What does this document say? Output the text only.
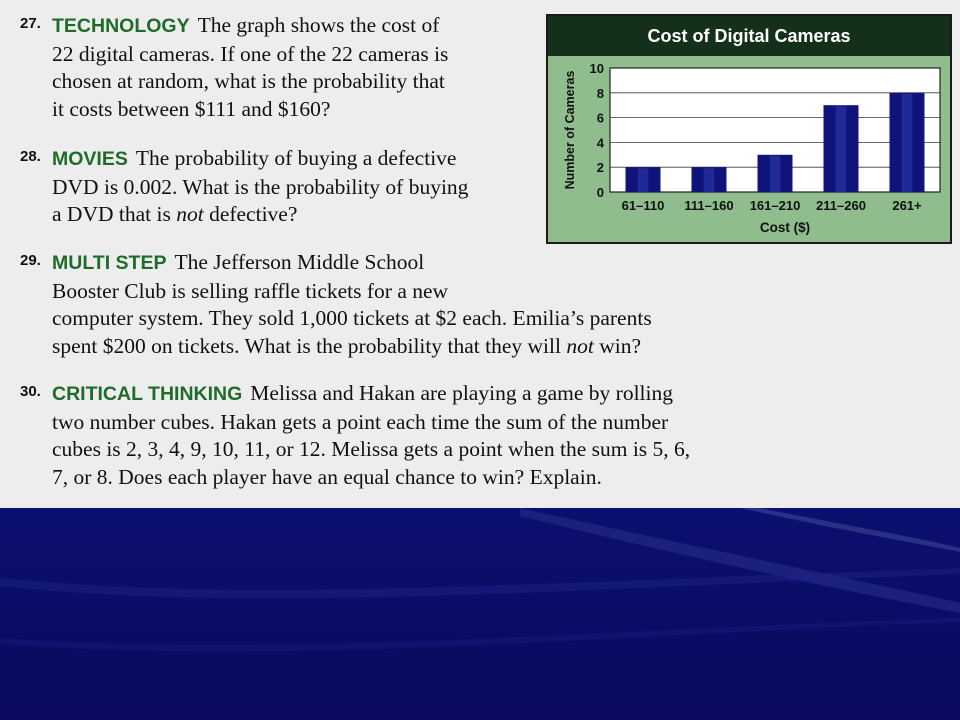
27. TECHNOLOGY The graph shows the cost of
22 digital cameras. If one of the 22 cameras is
chosen at random, what is the probability that
it costs between $111 and $160?
28. MOVIES The probability of buying a defective
DVD is 0.002. What is the probability of buying
a DVD that is not defective?
29. MULTI STEP The Jefferson Middle School
Booster Club is selling raffle tickets for a new
computer system. They sold 1,000 tickets at $2 each. Emilia’s parents
spent $200 on tickets. What is the probability that they will not win?
30. CRITICAL THINKING Melissa and Hakan are playing a game by rolling
two number cubes. Hakan gets a point each time the sum of the number
cubes is 2, 3, 4, 9, 10, 11, or 12. Melissa gets a point when the sum is 5, 6,
7, or 8. Does each player have an equal chance to win? Explain.
Cost of Digital Cameras
0
2
4
6
8
10
Number of Cameras
61–110 111–160 161–210 211–260 261+
Cost ($)
